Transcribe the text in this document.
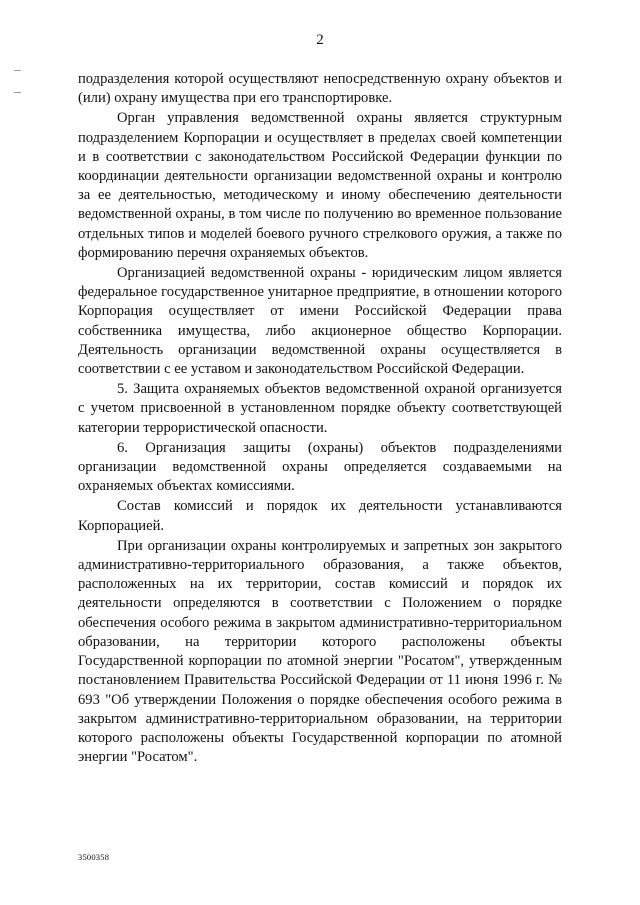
2

подразделения которой осуществляют непосредственную охрану объектов и (или) охрану имущества при его транспортировке.

Орган управления ведомственной охраны является структурным подразделением Корпорации и осуществляет в пределах своей компетенции и в соответствии с законодательством Российской Федерации функции по координации деятельности организации ведомственной охраны и контролю за ее деятельностью, методическому и иному обеспечению деятельности ведомственной охраны, в том числе по получению во временное пользование отдельных типов и моделей боевого ручного стрелкового оружия, а также по формированию перечня охраняемых объектов.

Организацией ведомственной охраны - юридическим лицом является федеральное государственное унитарное предприятие, в отношении которого Корпорация осуществляет от имени Российской Федерации права собственника имущества, либо акционерное общество Корпорации. Деятельность организации ведомственной охраны осуществляется в соответствии с ее уставом и законодательством Российской Федерации.

5. Защита охраняемых объектов ведомственной охраной организуется с учетом присвоенной в установленном порядке объекту соответствующей категории террористической опасности.

6. Организация защиты (охраны) объектов подразделениями организации ведомственной охраны определяется создаваемыми на охраняемых объектах комиссиями.

Состав комиссий и порядок их деятельности устанавливаются Корпорацией.

При организации охраны контролируемых и запретных зон закрытого административно-территориального образования, а также объектов, расположенных на их территории, состав комиссий и порядок их деятельности определяются в соответствии с Положением о порядке обеспечения особого режима в закрытом административно-территориальном образовании, на территории которого расположены объекты Государственной корпорации по атомной энергии "Росатом", утвержденным постановлением Правительства Российской Федерации от 11 июня 1996 г. № 693 "Об утверждении Положения о порядке обеспечения особого режима в закрытом административно-территориальном образовании, на территории которого расположены объекты Государственной корпорации по атомной энергии "Росатом".

3500358
